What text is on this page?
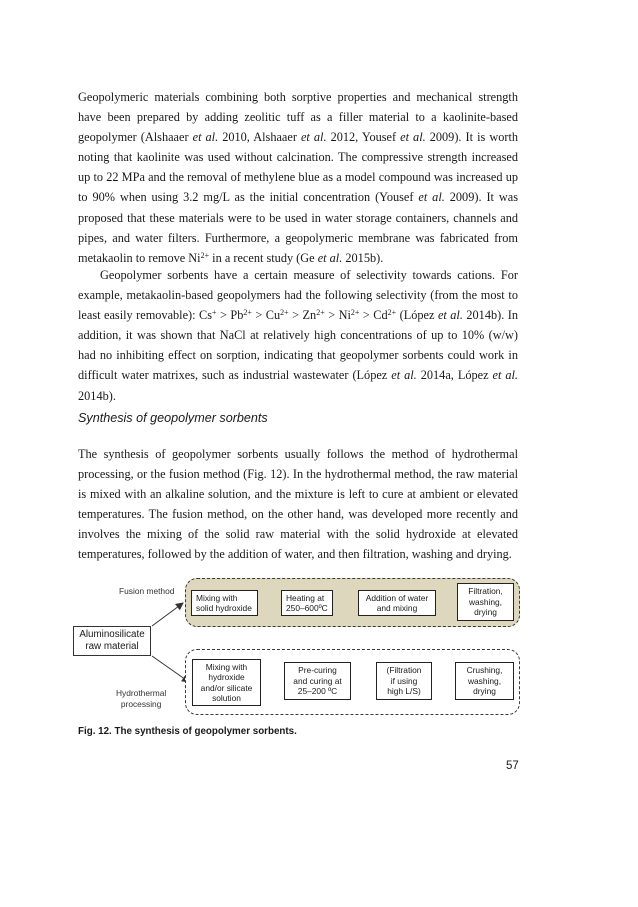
Geopolymeric materials combining both sorptive properties and mechanical strength have been prepared by adding zeolitic tuff as a filler material to a kaolinite-based geopolymer (Alshaaer et al. 2010, Alshaaer et al. 2012, Yousef et al. 2009). It is worth noting that kaolinite was used without calcination. The compressive strength increased up to 22 MPa and the removal of methylene blue as a model compound was increased up to 90% when using 3.2 mg/L as the initial concentration (Yousef et al. 2009). It was proposed that these materials were to be used in water storage containers, channels and pipes, and water filters. Furthermore, a geopolymeric membrane was fabricated from metakaolin to remove $Ni^{2+}$ in a recent study (Ge et al. 2015b).

Geopolymer sorbents have a certain measure of selectivity towards cations. For example, metakaolin-based geopolymers had the following selectivity (from the most to least easily removable): $Cs^+ > Pb^{2+} > Cu^{2+} > Zn^{2+} > Ni^{2+} > Cd^{2+}$ (López et al. 2014b). In addition, it was shown that NaCl at relatively high concentrations of up to 10% (w/w) had no inhibiting effect on sorption, indicating that geopolymer sorbents could work in difficult water matrixes, such as industrial wastewater (López et al. 2014a, López et al. 2014b).

Synthesis of geopolymer sorbents

The synthesis of geopolymer sorbents usually follows the method of hydrothermal processing, or the fusion method (Fig. 12). In the hydrothermal method, the raw material is mixed with an alkaline solution, and the mixture is left to cure at ambient or elevated temperatures. The fusion method, on the other hand, was developed more recently and involves the mixing of the solid raw material with the solid hydroxide at elevated temperatures, followed by the addition of water, and then filtration, washing and drying.

Fusion method
Hydrothermal
processing
Aluminosilicate
raw material
Mixing with
solid hydroxide
Heating at
250–600ºC
Addition of water
and mixing
Filtration,
washing,
drying
Mixing with
hydroxide
and/or silicate
solution
Pre-curing
and curing at
25–200 ºC
(Filtration
if using
high L/S)
Crushing,
washing,
drying

Fig. 12. The synthesis of geopolymer sorbents.

57
